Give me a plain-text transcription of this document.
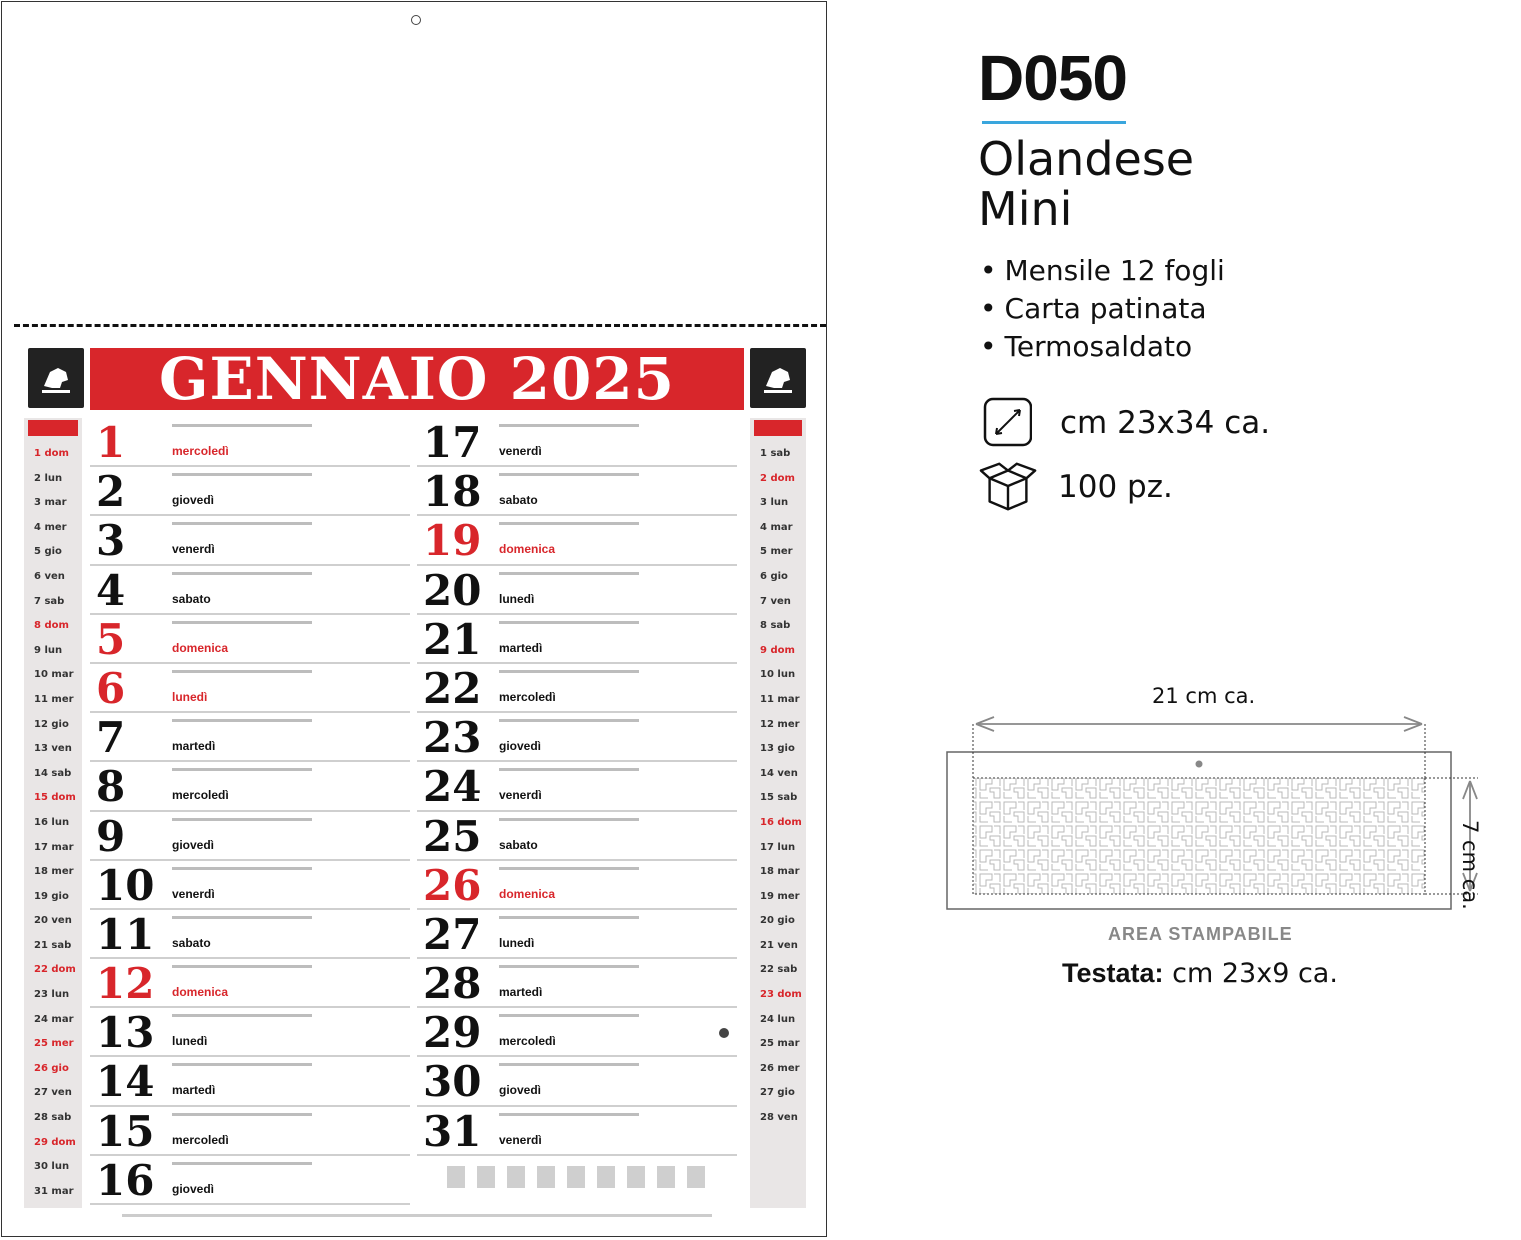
GENNAIO 2025
1 dom
2 lun
3 mar
4 mer
5 gio
6 ven
7 sab
8 dom
9 lun
10 mar
11 mer
12 gio
13 ven
14 sab
15 dom
16 lun
17 mar
18 mer
19 gio
20 ven
21 sab
22 dom
23 lun
24 mar
25 mer
26 gio
27 ven
28 sab
29 dom
30 lun
31 mar
1	mercoledì
2	giovedì
3	venerdì
4	sabato
5	domenica
6	lunedì
7	martedì
8	mercoledì
9	giovedì
10	venerdì
11	sabato
12	domenica
13	lunedì
14	martedì
15	mercoledì
16	giovedì
17	venerdì
18	sabato
19	domenica
20	lunedì
21	martedì
22	mercoledì
23	giovedì
24	venerdì
25	sabato
26	domenica
27	lunedì
28	martedì
29	mercoledì
30	giovedì
31	venerdì
1 sab
2 dom
3 lun
4 mar
5 mer
6 gio
7 ven
8 sab
9 dom
10 lun
11 mar
12 mer
13 gio
14 ven
15 sab
16 dom
17 lun
18 mar
19 mer
20 gio
21 ven
22 sab
23 dom
24 lun
25 mar
26 mer
27 gio
28 ven
D050
Olandese
Mini
• Mensile 12 fogli
• Carta patinata
• Termosaldato
cm 23x34 ca.
100 pz.
21 cm ca.
7 cm ca.
AREA STAMPABILE
Testata: cm 23x9 ca.
